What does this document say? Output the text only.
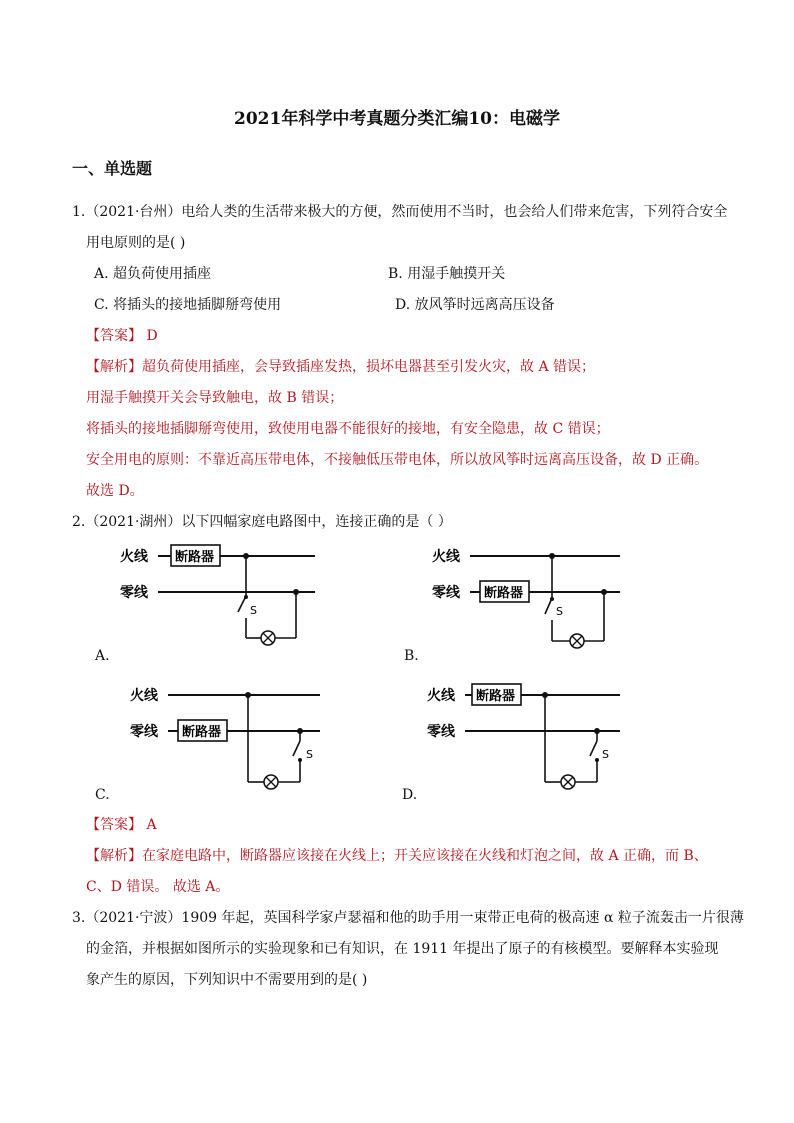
2021年科学中考真题分类汇编10：电磁学
一、单选题
1.（2021·台州）电给人类的生活带来极大的方便，然而使用不当时，也会给人们带来危害，下列符合安全
用电原则的是( )
A. 超负荷使用插座	B. 用湿手触摸开关
C. 将插头的接地插脚掰弯使用	D. 放风筝时远离高压设备
【答案】 D
【解析】超负荷使用插座，会导致插座发热，损坏电器甚至引发火灾，故 A 错误；
用湿手触摸开关会导致触电，故 B 错误；
将插头的接地插脚掰弯使用，致使用电器不能很好的接地，有安全隐患，故 C 错误；
安全用电的原则：不靠近高压带电体，不接触低压带电体，所以放风筝时远离高压设备，故 D 正确。
故选 D。
2.（2021·湖州）以下四幅家庭电路图中，连接正确的是（ ）
火线
零线
断路器
S
火线
零线 断路器
S
火线
零线 断路器
S
火线
零线
断路器
S
A.	B.
C.	D.
【答案】 A
【解析】在家庭电路中，断路器应该接在火线上；开关应该接在火线和灯泡之间，故 A 正确，而 B、
C、D 错误。 故选 A。
3.（2021·宁波）1909 年起，英国科学家卢瑟福和他的助手用一束带正电荷的极高速 α 粒子流轰击一片很薄
的金箔，并根据如图所示的实验现象和已有知识，在 1911 年提出了原子的有核模型。要解释本实验现
象产生的原因，下列知识中不需要用到的是( )
